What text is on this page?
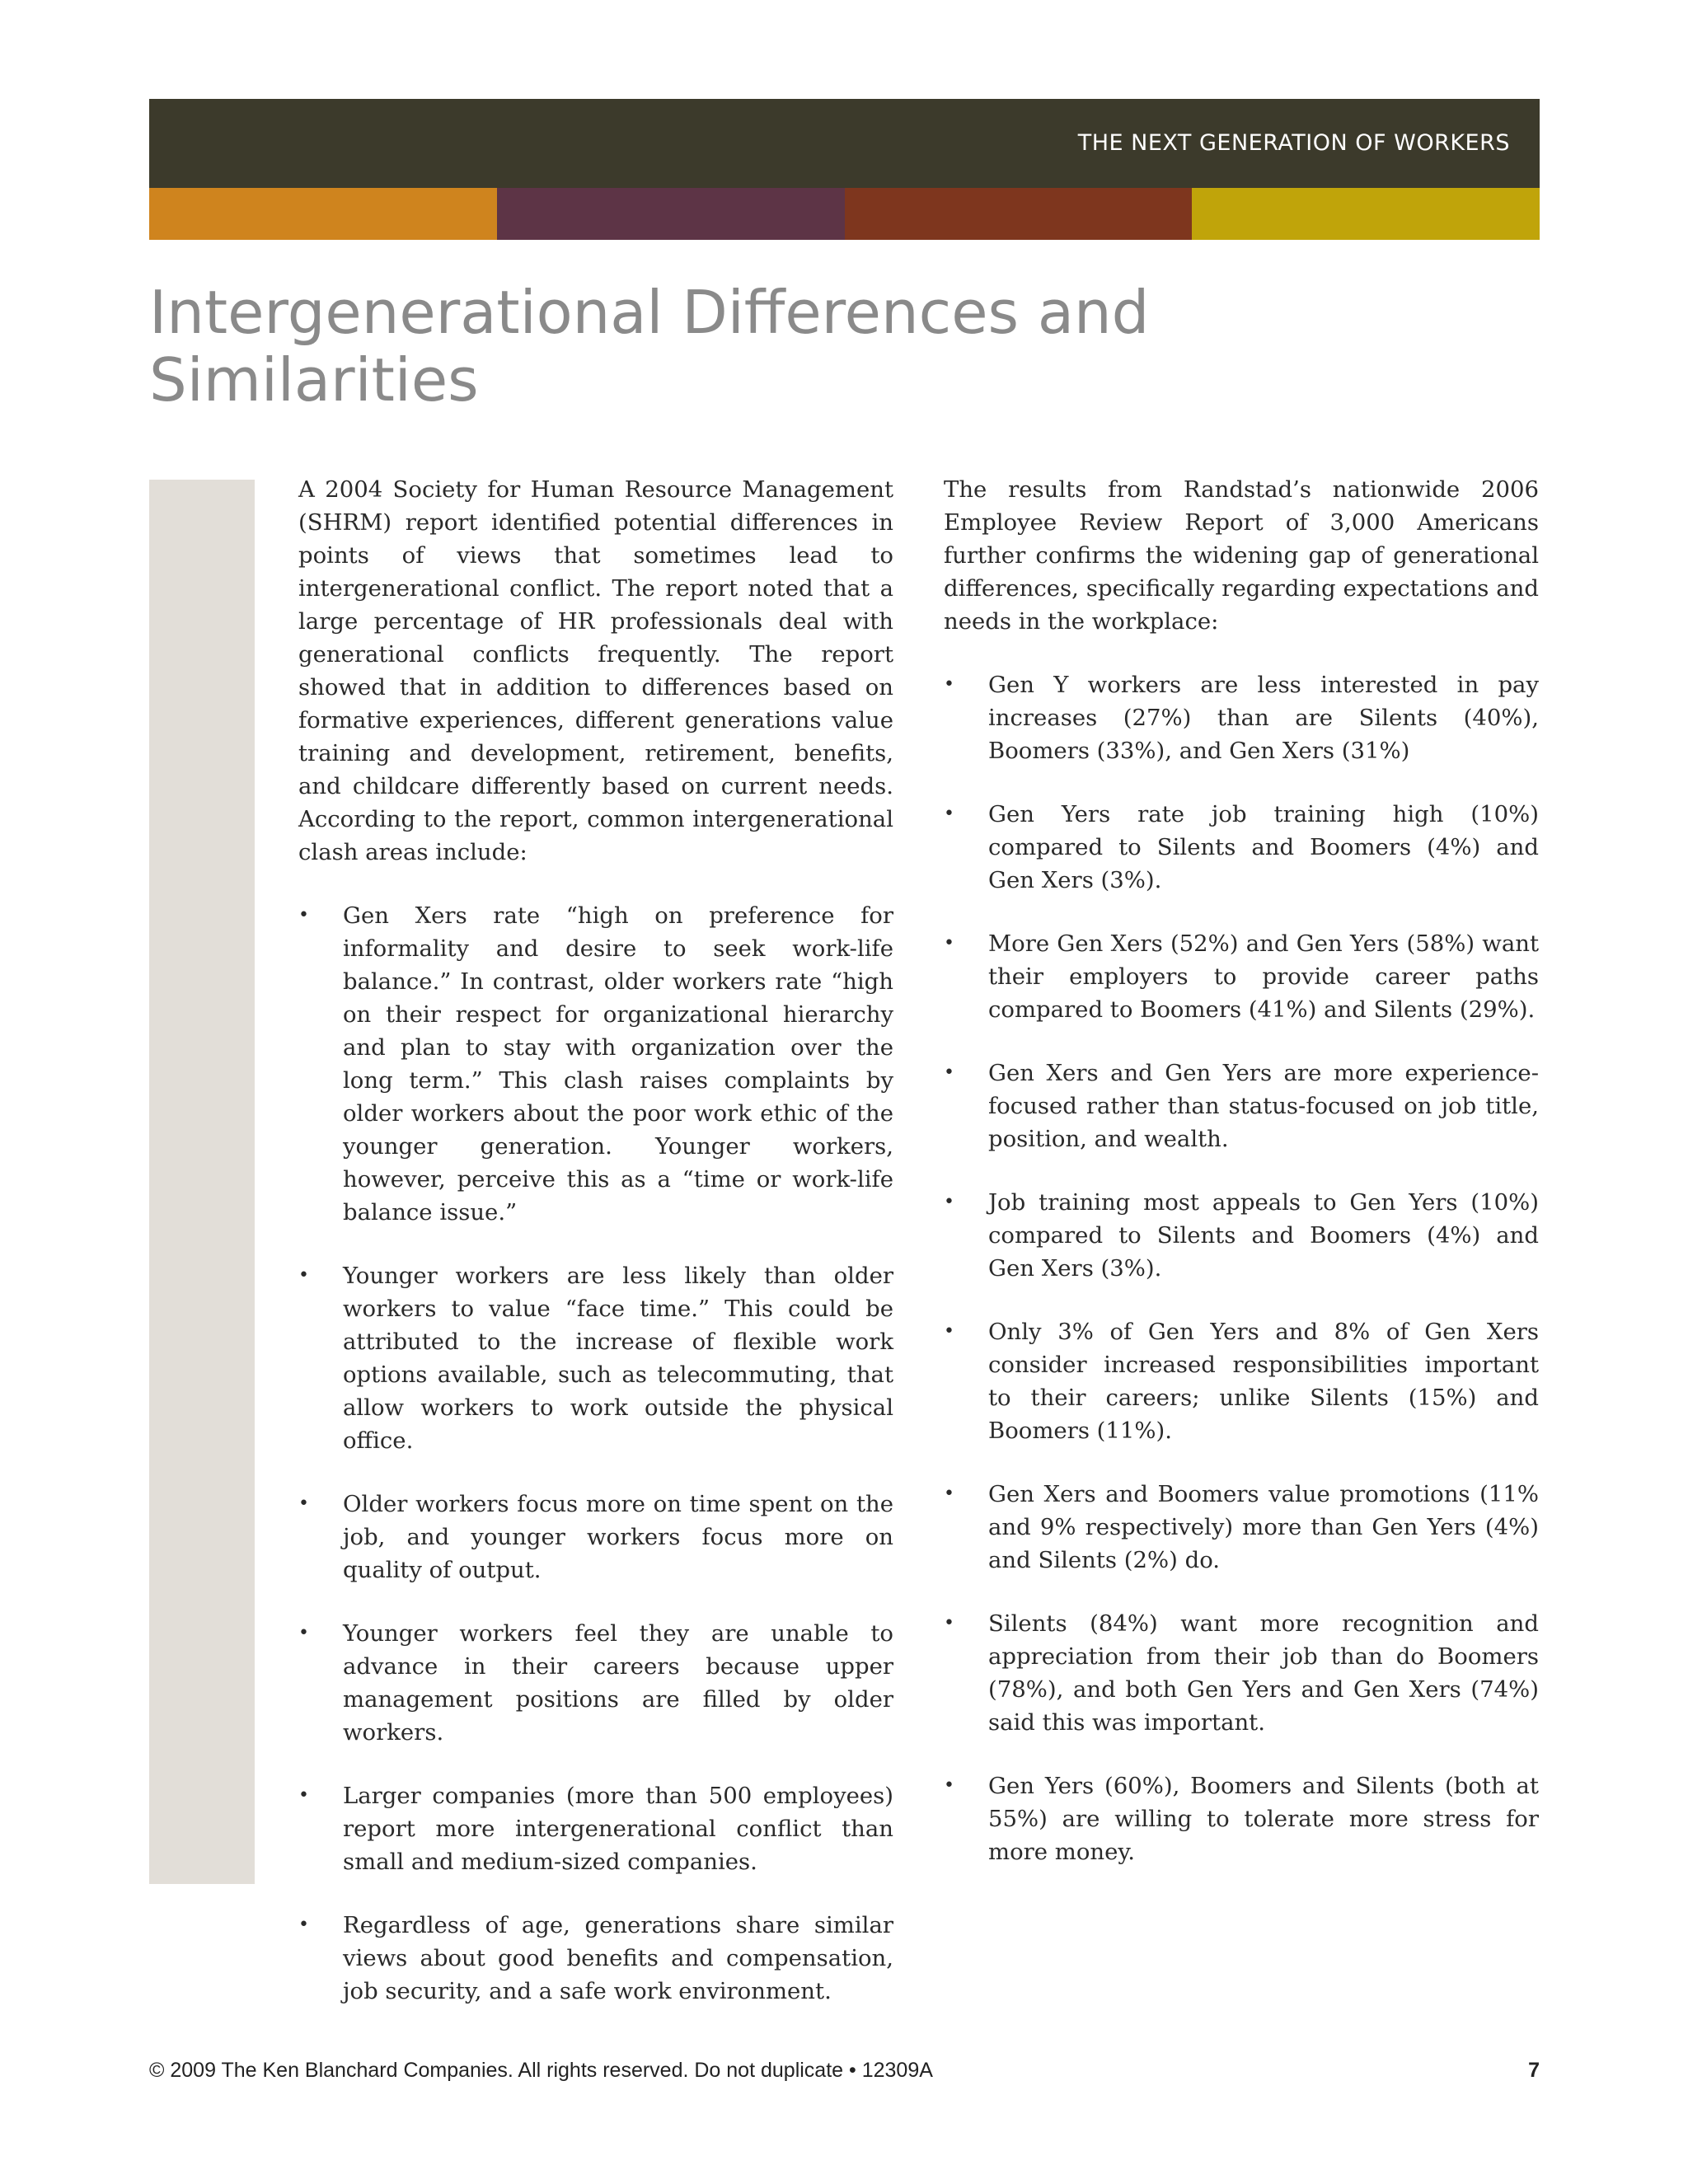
THE NEXT GENERATION OF WORKERS
Intergenerational Differences and
Similarities

A 2004 Society for Human Resource Management (SHRM) report identified potential differences in points of views that sometimes lead to intergenerational conflict. The report noted that a large percentage of HR professionals deal with generational conflicts frequently. The report showed that in addition to differences based on formative experiences, different generations value training and development, retirement, benefits, and childcare differently based on current needs. According to the report, common intergenerational clash areas include:

• Gen Xers rate “high on preference for informality and desire to seek work-life balance.” In contrast, older workers rate “high on their respect for organizational hierarchy and plan to stay with organization over the long term.” This clash raises complaints by older workers about the poor work ethic of the younger generation. Younger workers, however, perceive this as a “time or work-life balance issue.”
• Younger workers are less likely than older workers to value “face time.” This could be attributed to the increase of flexible work options available, such as telecommuting, that allow workers to work outside the physical office.
• Older workers focus more on time spent on the job, and younger workers focus more on quality of output.
• Younger workers feel they are unable to advance in their careers because upper management positions are filled by older workers.
• Larger companies (more than 500 employees) report more intergenerational conflict than small and medium-sized companies.
• Regardless of age, generations share similar views about good benefits and compensation, job security, and a safe work environment.

The results from Randstad’s nationwide 2006 Employee Review Report of 3,000 Americans further confirms the widening gap of generational differences, specifically regarding expectations and needs in the workplace:

• Gen Y workers are less interested in pay increases (27%) than are Silents (40%), Boomers (33%), and Gen Xers (31%)
• Gen Yers rate job training high (10%) compared to Silents and Boomers (4%) and Gen Xers (3%).
• More Gen Xers (52%) and Gen Yers (58%) want their employers to provide career paths compared to Boomers (41%) and Silents (29%).
• Gen Xers and Gen Yers are more experience-focused rather than status-focused on job title, position, and wealth.
• Job training most appeals to Gen Yers (10%) compared to Silents and Boomers (4%) and Gen Xers (3%).
• Only 3% of Gen Yers and 8% of Gen Xers consider increased responsibilities important to their careers; unlike Silents (15%) and Boomers (11%).
• Gen Xers and Boomers value promotions (11% and 9% respectively) more than Gen Yers (4%) and Silents (2%) do.
• Silents (84%) want more recognition and appreciation from their job than do Boomers (78%), and both Gen Yers and Gen Xers (74%) said this was important.
• Gen Yers (60%), Boomers and Silents (both at 55%) are willing to tolerate more stress for more money.
© 2009 The Ken Blanchard Companies. All rights reserved. Do not duplicate • 12309A	7
